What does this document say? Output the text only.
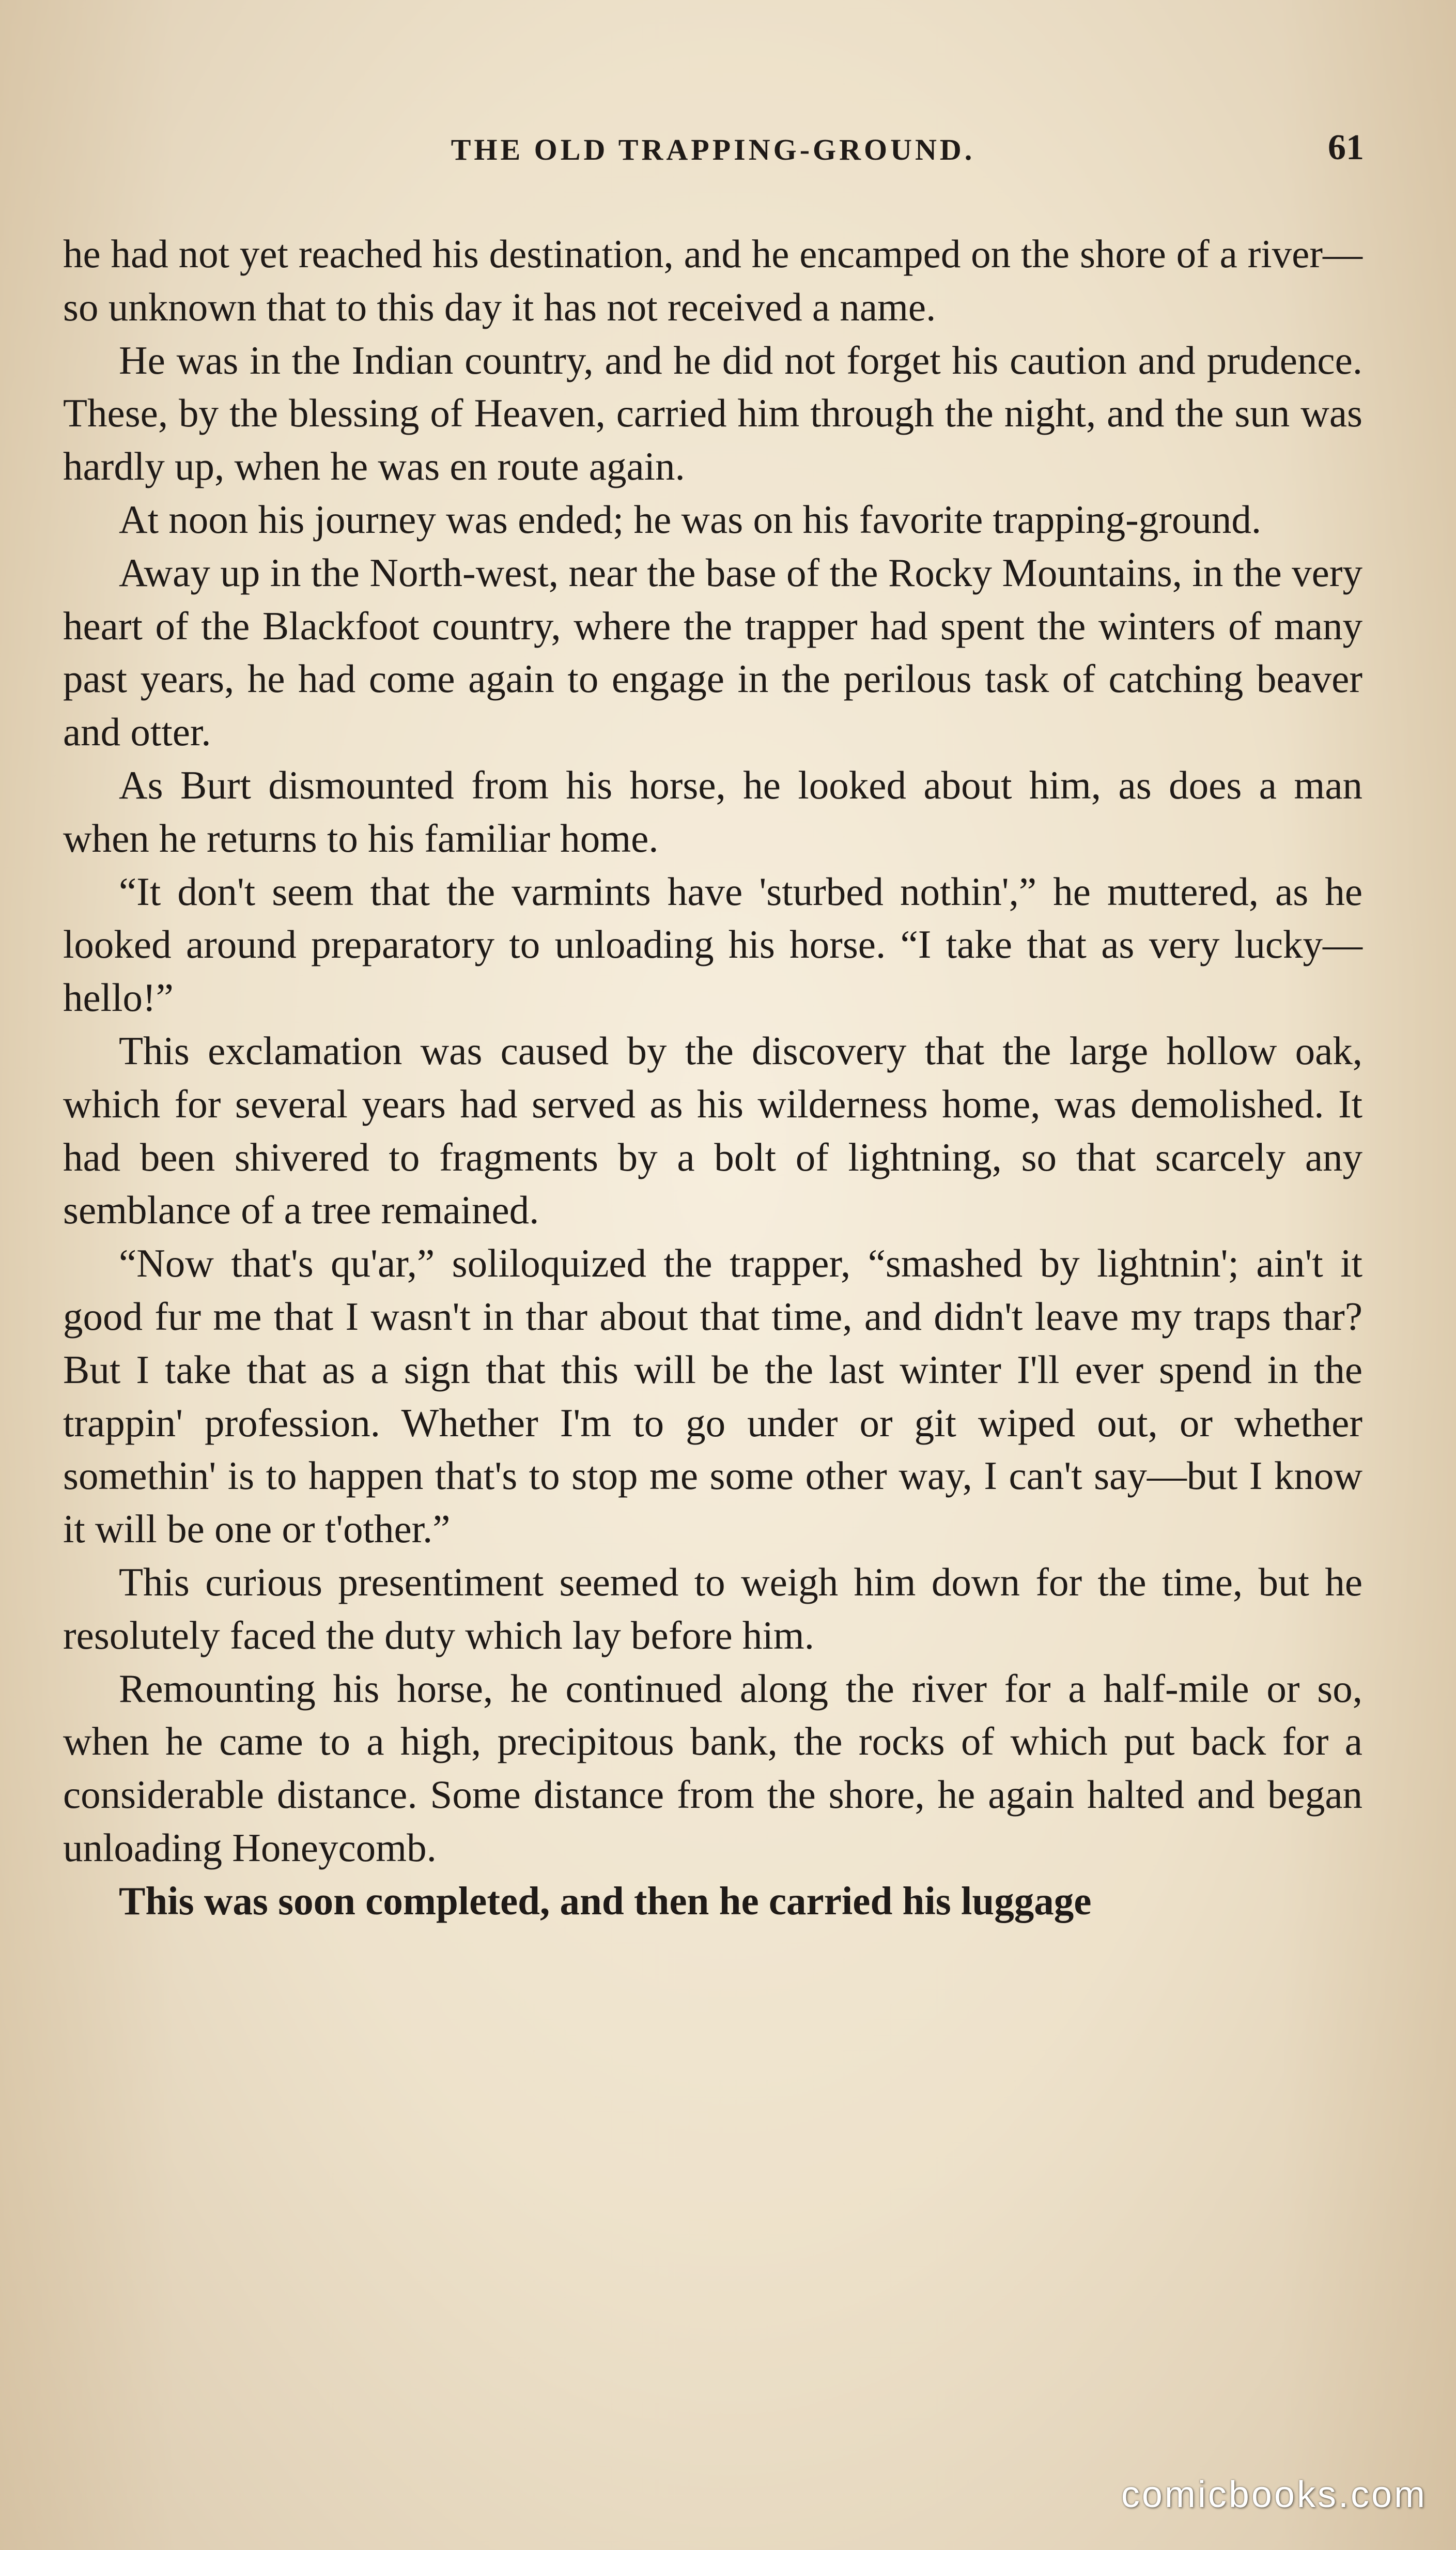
THE OLD TRAPPING-GROUND.	61

he had not yet reached his destination, and he encamped on the shore of a river—so unknown that to this day it has not received a name.

He was in the Indian country, and he did not forget his caution and prudence. These, by the blessing of Heaven, carried him through the night, and the sun was hardly up, when he was en route again.

At noon his journey was ended; he was on his favorite trapping-ground.

Away up in the North-west, near the base of the Rocky Mountains, in the very heart of the Blackfoot country, where the trapper had spent the winters of many past years, he had come again to engage in the perilous task of catching beaver and otter.

As Burt dismounted from his horse, he looked about him, as does a man when he returns to his familiar home.

“It don't seem that the varmints have 'sturbed nothin',” he muttered, as he looked around preparatory to unloading his horse. “I take that as very lucky—hello!”

This exclamation was caused by the discovery that the large hollow oak, which for several years had served as his wilderness home, was demolished. It had been shivered to fragments by a bolt of lightning, so that scarcely any semblance of a tree remained.

“Now that's qu'ar,” soliloquized the trapper, “smashed by lightnin'; ain't it good fur me that I wasn't in thar about that time, and didn't leave my traps thar? But I take that as a sign that this will be the last winter I'll ever spend in the trappin' profession. Whether I'm to go under or git wiped out, or whether somethin' is to happen that's to stop me some other way, I can't say—but I know it will be one or t'other.”

This curious presentiment seemed to weigh him down for the time, but he resolutely faced the duty which lay before him.

Remounting his horse, he continued along the river for a half-mile or so, when he came to a high, precipitous bank, the rocks of which put back for a considerable distance. Some distance from the shore, he again halted and began unloading Honeycomb.

This was soon completed, and then he carried his luggage

comicbooks.com
